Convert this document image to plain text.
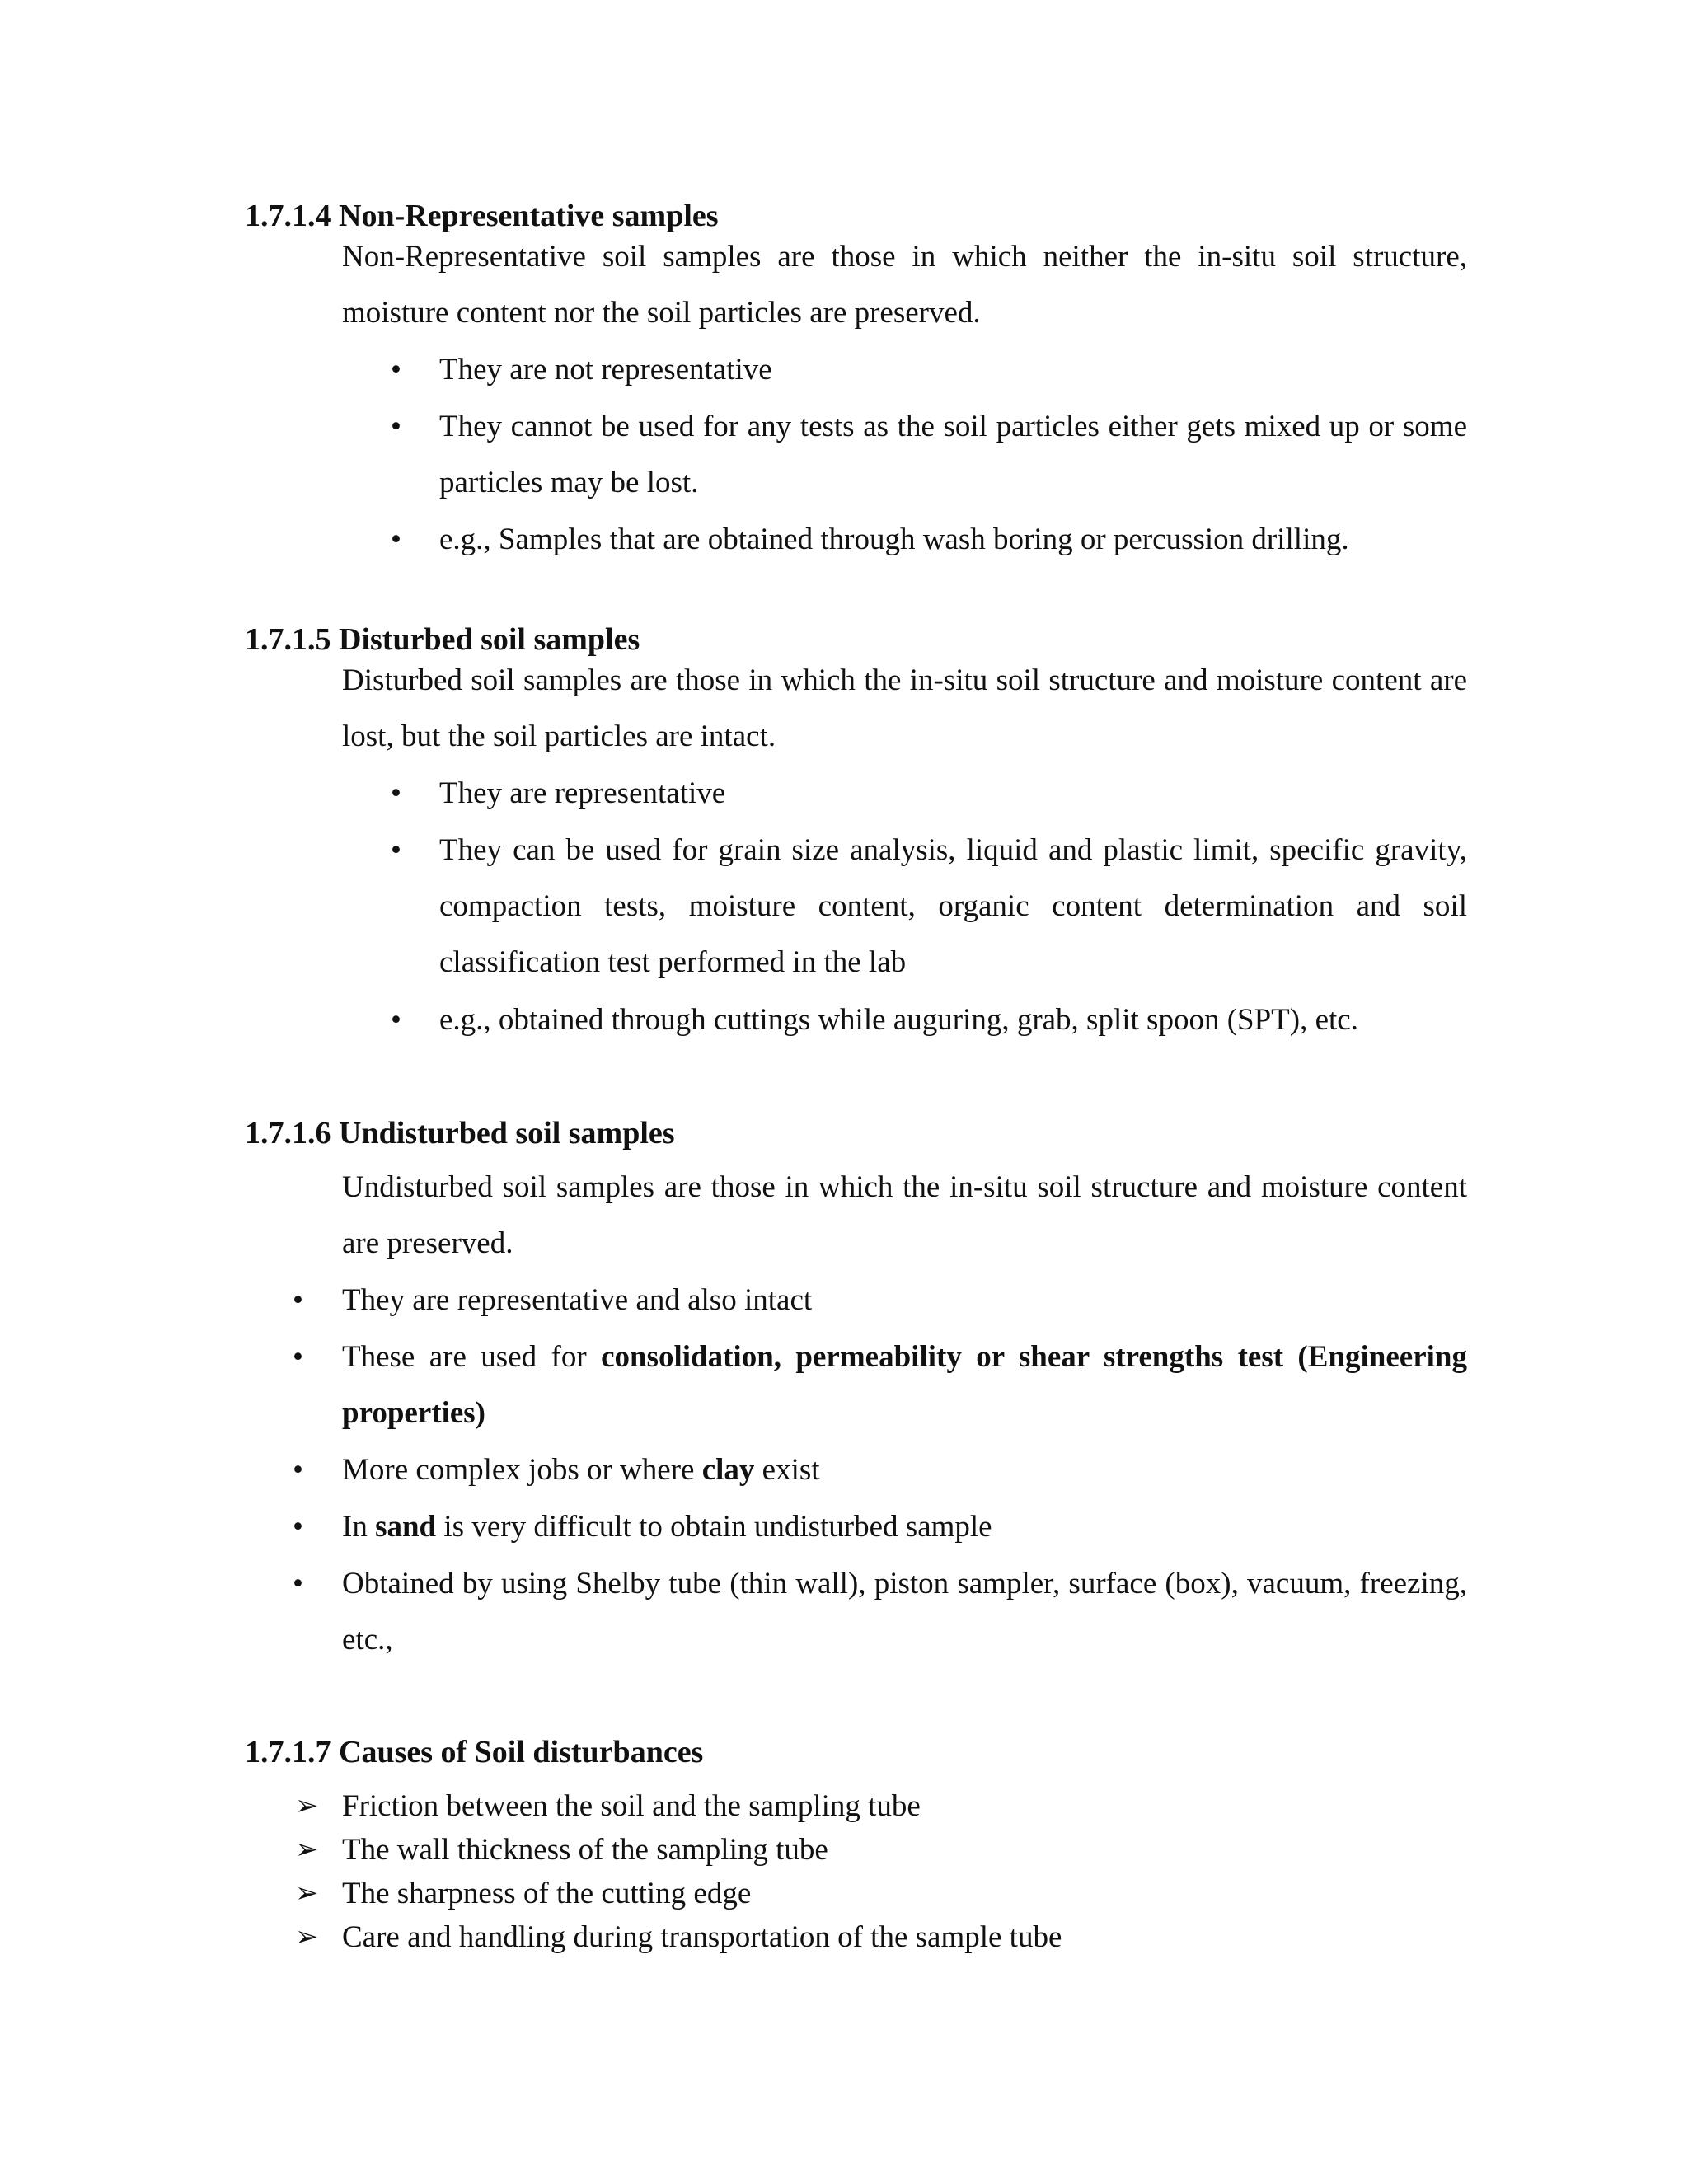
1.7.1.4 Non-Representative samples
Non-Representative soil samples are those in which neither the in-situ soil structure, moisture content nor the soil particles are preserved.
• They are not representative
• They cannot be used for any tests as the soil particles either gets mixed up or some particles may be lost.
• e.g., Samples that are obtained through wash boring or percussion drilling.
1.7.1.5 Disturbed soil samples
Disturbed soil samples are those in which the in-situ soil structure and moisture content are lost, but the soil particles are intact.
• They are representative
• They can be used for grain size analysis, liquid and plastic limit, specific gravity, compaction tests, moisture content, organic content determination and soil classification test performed in the lab
• e.g., obtained through cuttings while auguring, grab, split spoon (SPT), etc.
1.7.1.6 Undisturbed soil samples
Undisturbed soil samples are those in which the in-situ soil structure and moisture content are preserved.
• They are representative and also intact
• These are used for consolidation, permeability or shear strengths test (Engineering properties)
• More complex jobs or where clay exist
• In sand is very difficult to obtain undisturbed sample
• Obtained by using Shelby tube (thin wall), piston sampler, surface (box), vacuum, freezing, etc.,
1.7.1.7 Causes of Soil disturbances
➢ Friction between the soil and the sampling tube
➢ The wall thickness of the sampling tube
➢ The sharpness of the cutting edge
➢ Care and handling during transportation of the sample tube
